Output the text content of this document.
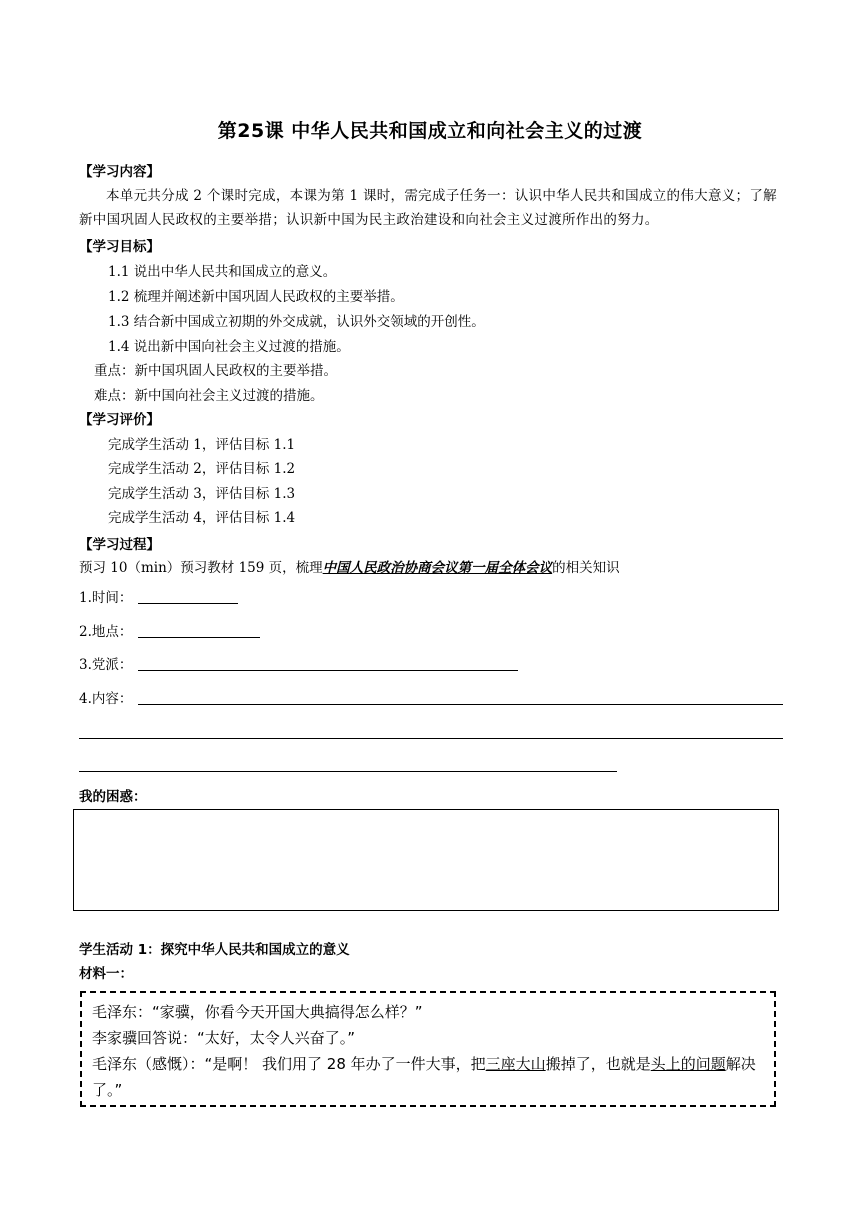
第25课 中华人民共和国成立和向社会主义的过渡
【学习内容】
本单元共分成 2 个课时完成，本课为第 1 课时，需完成子任务一：认识中华人民共和国成立的伟大意义；了解新中国巩固人民政权的主要举措；认识新中国为民主政治建设和向社会主义过渡所作出的努力。
【学习目标】
1.1 说出中华人民共和国成立的意义。
1.2 梳理并阐述新中国巩固人民政权的主要举措。
1.3 结合新中国成立初期的外交成就，认识外交领域的开创性。
1.4 说出新中国向社会主义过渡的措施。
重点：新中国巩固人民政权的主要举措。
难点：新中国向社会主义过渡的措施。
【学习评价】
完成学生活动 1，评估目标 1.1
完成学生活动 2，评估目标 1.2
完成学生活动 3，评估目标 1.3
完成学生活动 4，评估目标 1.4
【学习过程】
预习 10（min）预习教材 159 页，梳理中国人民政治协商会议第一届全体会议的相关知识
1.时间：
2.地点：
3.党派：
4.内容：
我的困惑：
学生活动 1：探究中华人民共和国成立的意义
材料一：

毛泽东：“家骥，你看今天开国大典搞得怎么样？”

李家骥回答说：“太好，太令人兴奋了。”

毛泽东（感慨）：“是啊！ 我们用了 28 年办了一件大事，把三座大山搬掉了，也就是头上的问题解决了。”
